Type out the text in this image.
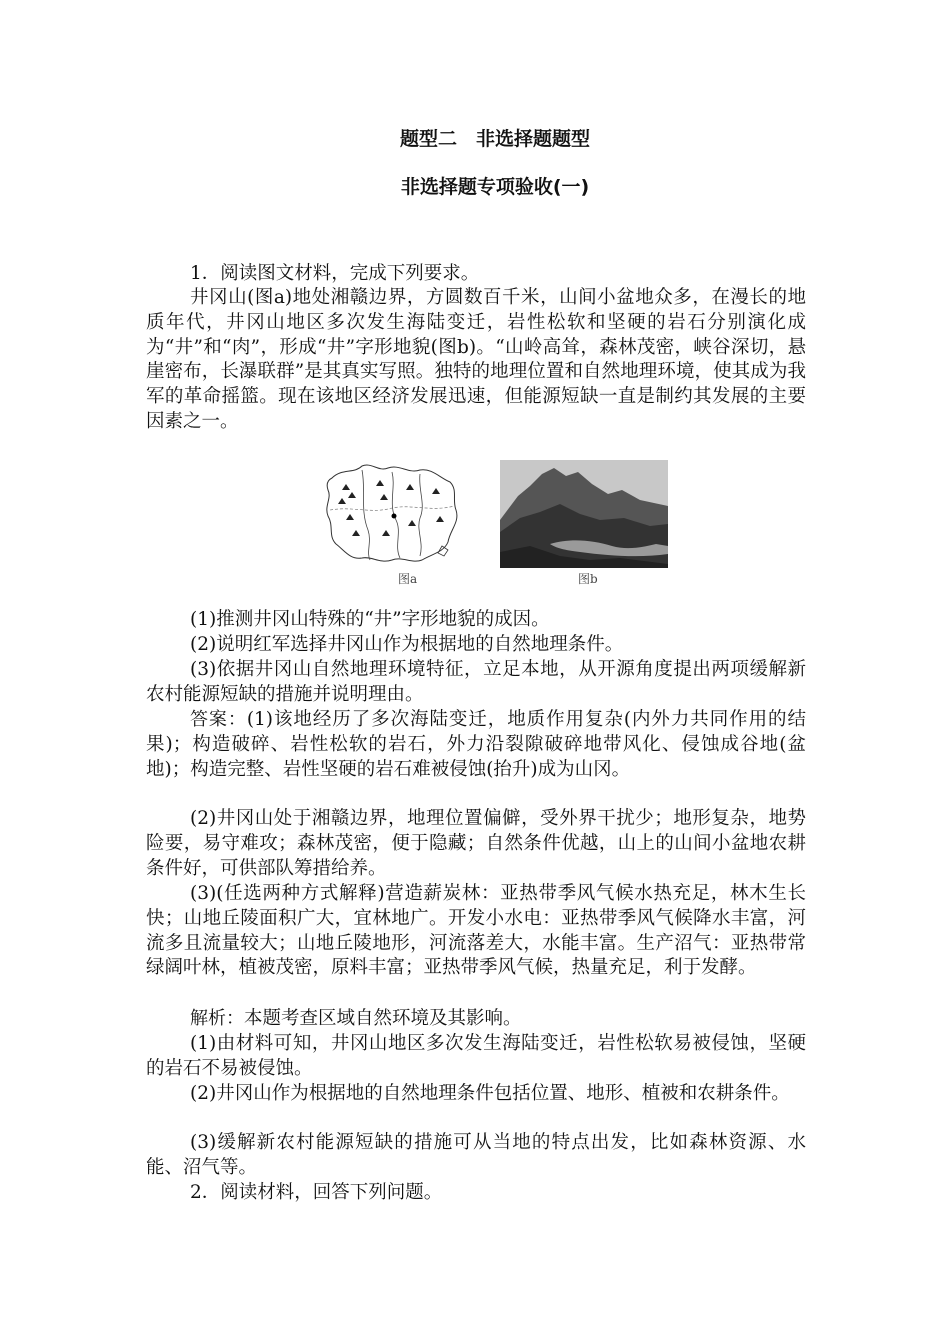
题型二　非选择题题型
非选择题专项验收(一)
1．阅读图文材料，完成下列要求。
井冈山(图a)地处湘赣边界，方圆数百千米，山间小盆地众多，在漫长的地质年代，井冈山地区多次发生海陆变迁，岩性松软和坚硬的岩石分别演化成为“井”和“肉”，形成“井”字形地貌(图b)。“山岭高耸，森林茂密，峡谷深切，悬崖密布，长瀑联群”是其真实写照。独特的地理位置和自然地理环境，使其成为我军的革命摇篮。现在该地区经济发展迅速，但能源短缺一直是制约其发展的主要因素之一。
图a	图b
(1)推测井冈山特殊的“井”字形地貌的成因。
(2)说明红军选择井冈山作为根据地的自然地理条件。
(3)依据井冈山自然地理环境特征，立足本地，从开源角度提出两项缓解新农村能源短缺的措施并说明理由。
答案：(1)该地经历了多次海陆变迁，地质作用复杂(内外力共同作用的结果)；构造破碎、岩性松软的岩石，外力沿裂隙破碎地带风化、侵蚀成谷地(盆地)；构造完整、岩性坚硬的岩石难被侵蚀(抬升)成为山冈。
(2)井冈山处于湘赣边界，地理位置偏僻，受外界干扰少；地形复杂，地势险要，易守难攻；森林茂密，便于隐藏；自然条件优越，山上的山间小盆地农耕条件好，可供部队筹措给养。
(3)(任选两种方式解释)营造薪炭林：亚热带季风气候水热充足，林木生长快；山地丘陵面积广大，宜林地广。开发小水电：亚热带季风气候降水丰富，河流多且流量较大；山地丘陵地形，河流落差大，水能丰富。生产沼气：亚热带常绿阔叶林，植被茂密，原料丰富；亚热带季风气候，热量充足，利于发酵。
解析：本题考查区域自然环境及其影响。
(1)由材料可知，井冈山地区多次发生海陆变迁，岩性松软易被侵蚀，坚硬的岩石不易被侵蚀。
(2)井冈山作为根据地的自然地理条件包括位置、地形、植被和农耕条件。
(3)缓解新农村能源短缺的措施可从当地的特点出发，比如森林资源、水能、沼气等。
2．阅读材料，回答下列问题。
